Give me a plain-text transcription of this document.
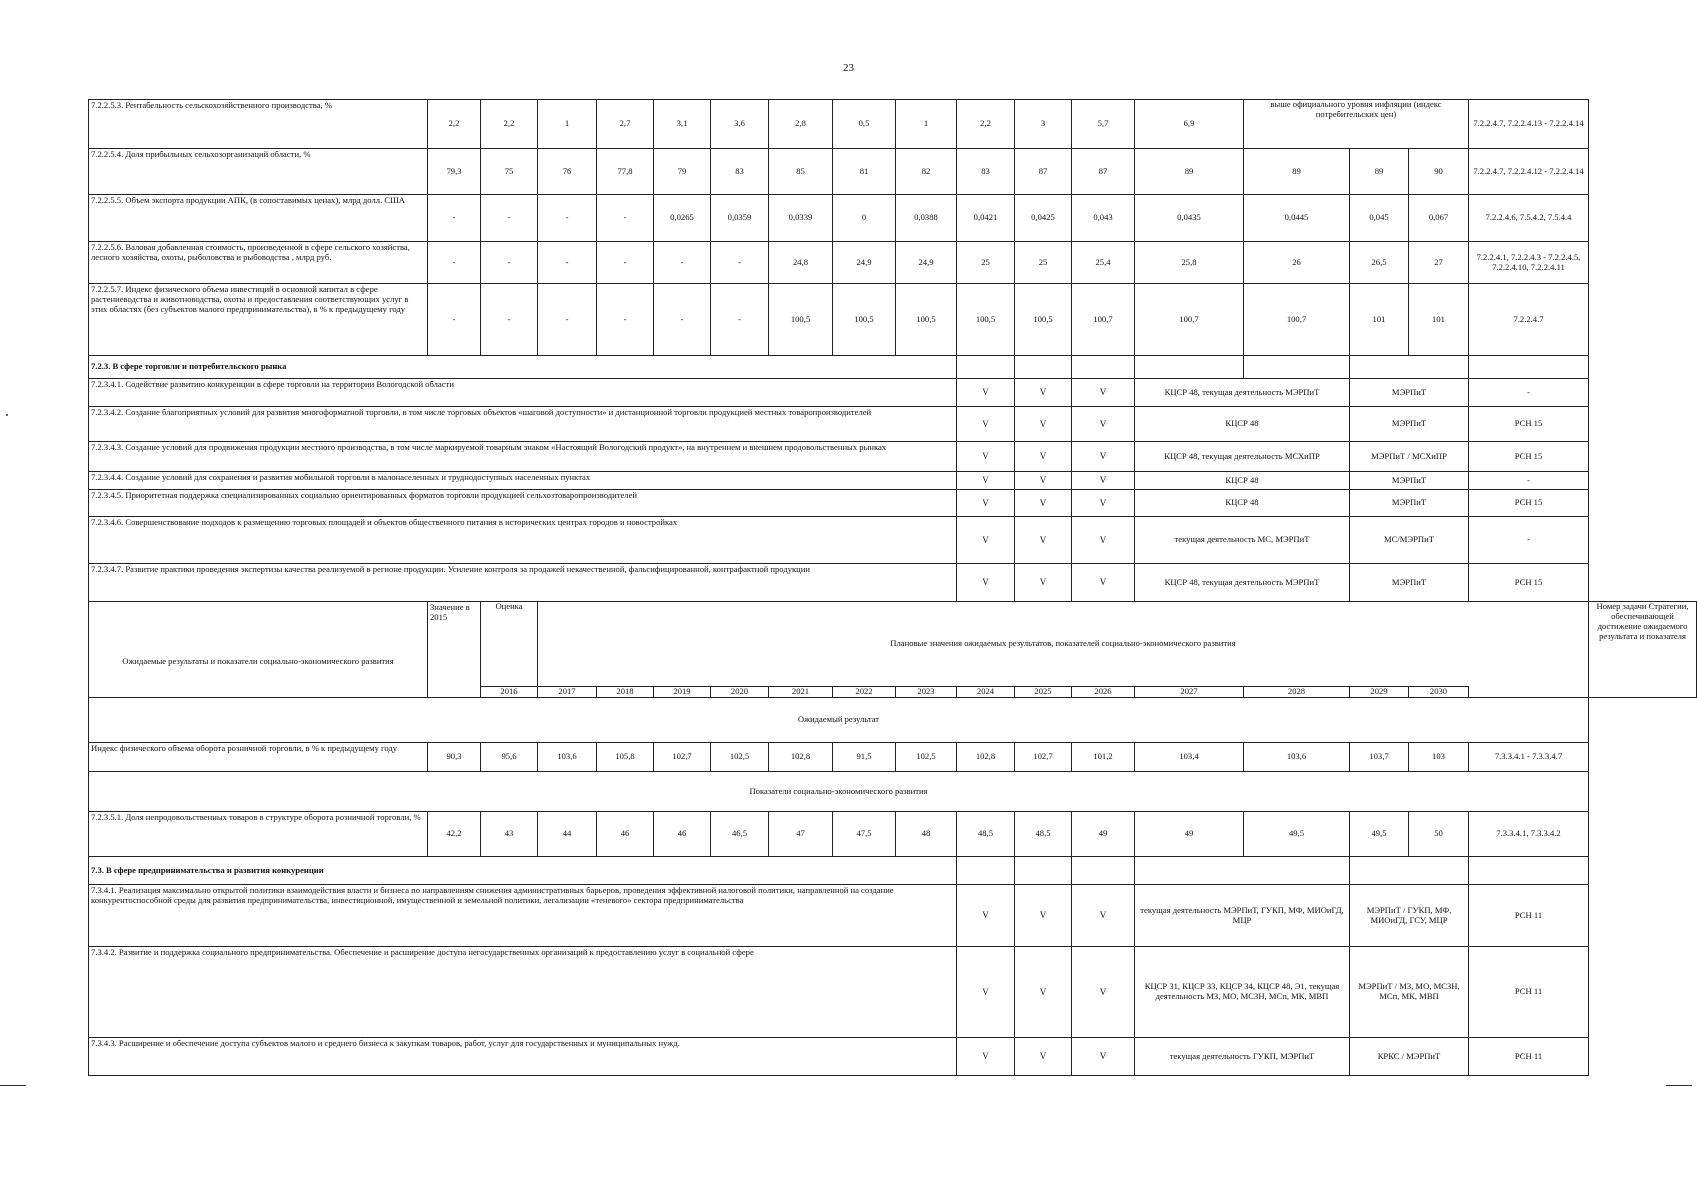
23
7.2.2.5.3. Рентабельность сельскохозяйственного производства, %	2,2	2,2	1	2,7	3,1	3,6	2,8	0,5	1	2,2	3	5,7	6,9	выше официального уровня инфляции (индекс потребительских цен)			7.2.2.4.7, 7.2.2.4.13 - 7.2.2.4.14	
7.2.2.5.4. Доля прибыльных сельхозорганизаций области, %	79,3	75	76	77,8	79	83	85	81	82	83	87	87	89	89	89	90	7.2.2.4.7, 7.2.2.4.12 - 7.2.2.4.14	
7.2.2.5.5. Объем экспорта продукции АПК, (в сопоставимых ценах), млрд долл. США	-	-	-	-	0,0265	0,0359	0,0339	0	0,0388	0,0421	0,0425	0,043	0,0435	0,0445	0,045	0,067	7.2.2.4.6, 7.5.4.2, 7.5.4.4	
7.2.2.5.6. Валовая добавленная стоимость, произведенной в сфере сельского хозяйства, лесного хозяйства, охоты, рыболовства и рыбоводства , млрд руб.	-	-	-	-	-	-	24,8	24,9	24,9	25	25	25,4	25,8	26	26,5	27	7.2.2.4.1, 7.2.2.4.3 - 7.2.2.4.5, 7.2.2.4.10, 7.2.2.4.11	
7.2.2.5.7. Индекс физического объема инвестиций в основной капитал в сфере растениеводства и животноводства, охоты и предоставления соответствующих услуг в этих областях (без субъектов малого предпринимательства), в % к предыдущему году	-	-	-	-	-	-	100,5	100,5	100,5	100,5	100,5	100,7	100,7	100,7	101	101	7.2.2.4.7	
7.2.3. В сфере торговли и потребительского рынка																		
7.2.3.4.1. Содействие развитию конкуренции в сфере торговли на территории Вологодской области										V	V	V	КЦСР 48, текущая деятельность МЭРПиТ		МЭРПиТ		-	
7.2.3.4.2. Создание благоприятных условий для развития многоформатной торговли, в том числе торговых объектов «шаговой доступности» и дистанционной торговли продукцией местных товаропроизводителей										V	V	V	КЦСР 48		МЭРПиТ		РСН 15	
7.2.3.4.3. Создание условий для продвижения продукции местного производства, в том числе маркируемой товарным знаком «Настоящий Вологодский продукт», на внутреннем и внешнем продовольственных рынках										V	V	V	КЦСР 48, текущая деятельность МСХиПР		МЭРПиТ / МСХиПР		РСН 15	
7.2.3.4.4. Создание условий для сохранения и развития мобильной торговли в малонаселенных и труднодоступных населенных пунктах										V	V	V	КЦСР 48		МЭРПиТ		-	
7.2.3.4.5. Приоритетная поддержка специализированных социально ориентированных форматов торговли продукцией сельхозтоваропроизводителей										V	V	V	КЦСР 48		МЭРПиТ		РСН 15	
7.2.3.4.6. Совершенствование подходов к размещению торговых площадей и объектов общественного питания в исторических центрах городов и новостройках										V	V	V	текущая деятельность МС, МЭРПиТ		МС/МЭРПиТ		-	
7.2.3.4.7. Развитие практики проведения экспертизы качества реализуемой в регионе продукции. Усиление контроля за продажей некачественной, фальсифицированной, контрафактной продукции										V	V	V	КЦСР 48, текущая деятельность МЭРПиТ		МЭРПиТ		РСН 15	

Ожидаемые результаты и показатели социально-экономического развития	Значение в 2015	Оценка	Плановые значения ожидаемых результатов, показателей социально-экономического развития															Номер задачи Стратегии, обеспечивающей достижение ожидаемого результата и показателя
		2016	2017	2018	2019	2020	2021	2022	2023	2024	2025	2026	2027	2028	2029	2030		
Ожидаемый результат																		
Индекс физического объема оборота розничной торговли, в % к предыдущему году	90,3	95,6	103,6	105,8	102,7	102,5	102,8	91,5	102,5	102,8	102,7	101,2	103,4	103,6	103,7	103	7.3.3.4.1 - 7.3.3.4.7	
Показатели социально-экономического развития																		
7.2.3.5.1. Доля непродовольственных товаров в структуре оборота розничной торговли, %	42,2	43	44	46	46	46,5	47	47,5	48	48,5	48,5	49	49	49,5	49,5	50	7.3.3.4.1, 7.3.3.4.2	
7.3. В сфере предпринимательства и развития конкуренции																		
7.3.4.1. Реализация максимально открытой политики взаимодействия власти и бизнеса по направлениям снижения административных барьеров, проведения эффективной налоговой политики, направленной на создание конкурентоспособной среды для развития предпринимательства, инвестиционной, имущественной и земельной политики, легализации «теневого» сектора предпринимательства										V	V	V	текущая деятельность МЭРПиТ, ГУКП, МФ, МИОиГД, МЦР		МЭРПиТ / ГУКП, МФ, МИОиГД, ГСУ, МЦР		РСН 11	
7.3.4.2. Развитие и поддержка социального предпринимательства. Обеспечение и расширение доступа негосударственных организаций к предоставлению услуг в социальной сфере										V	V	V	КЦСР 31, КЦСР 33, КЦСР 34, КЦСР 48, Э1, текущая деятельность МЗ, МО, МСЗН, МСп, МК, МВП		МЭРПиТ / МЗ, МО, МСЗН, МСп, МК, МВП		РСН 11	
7.3.4.3. Расширение и обеспечение доступа субъектов малого и среднего бизнеса к закупкам товаров, работ, услуг для государственных и муниципальных нужд.										V	V	V	текущая деятельность ГУКП, МЭРПиТ		КРКС / МЭРПиТ		РСН 11	
